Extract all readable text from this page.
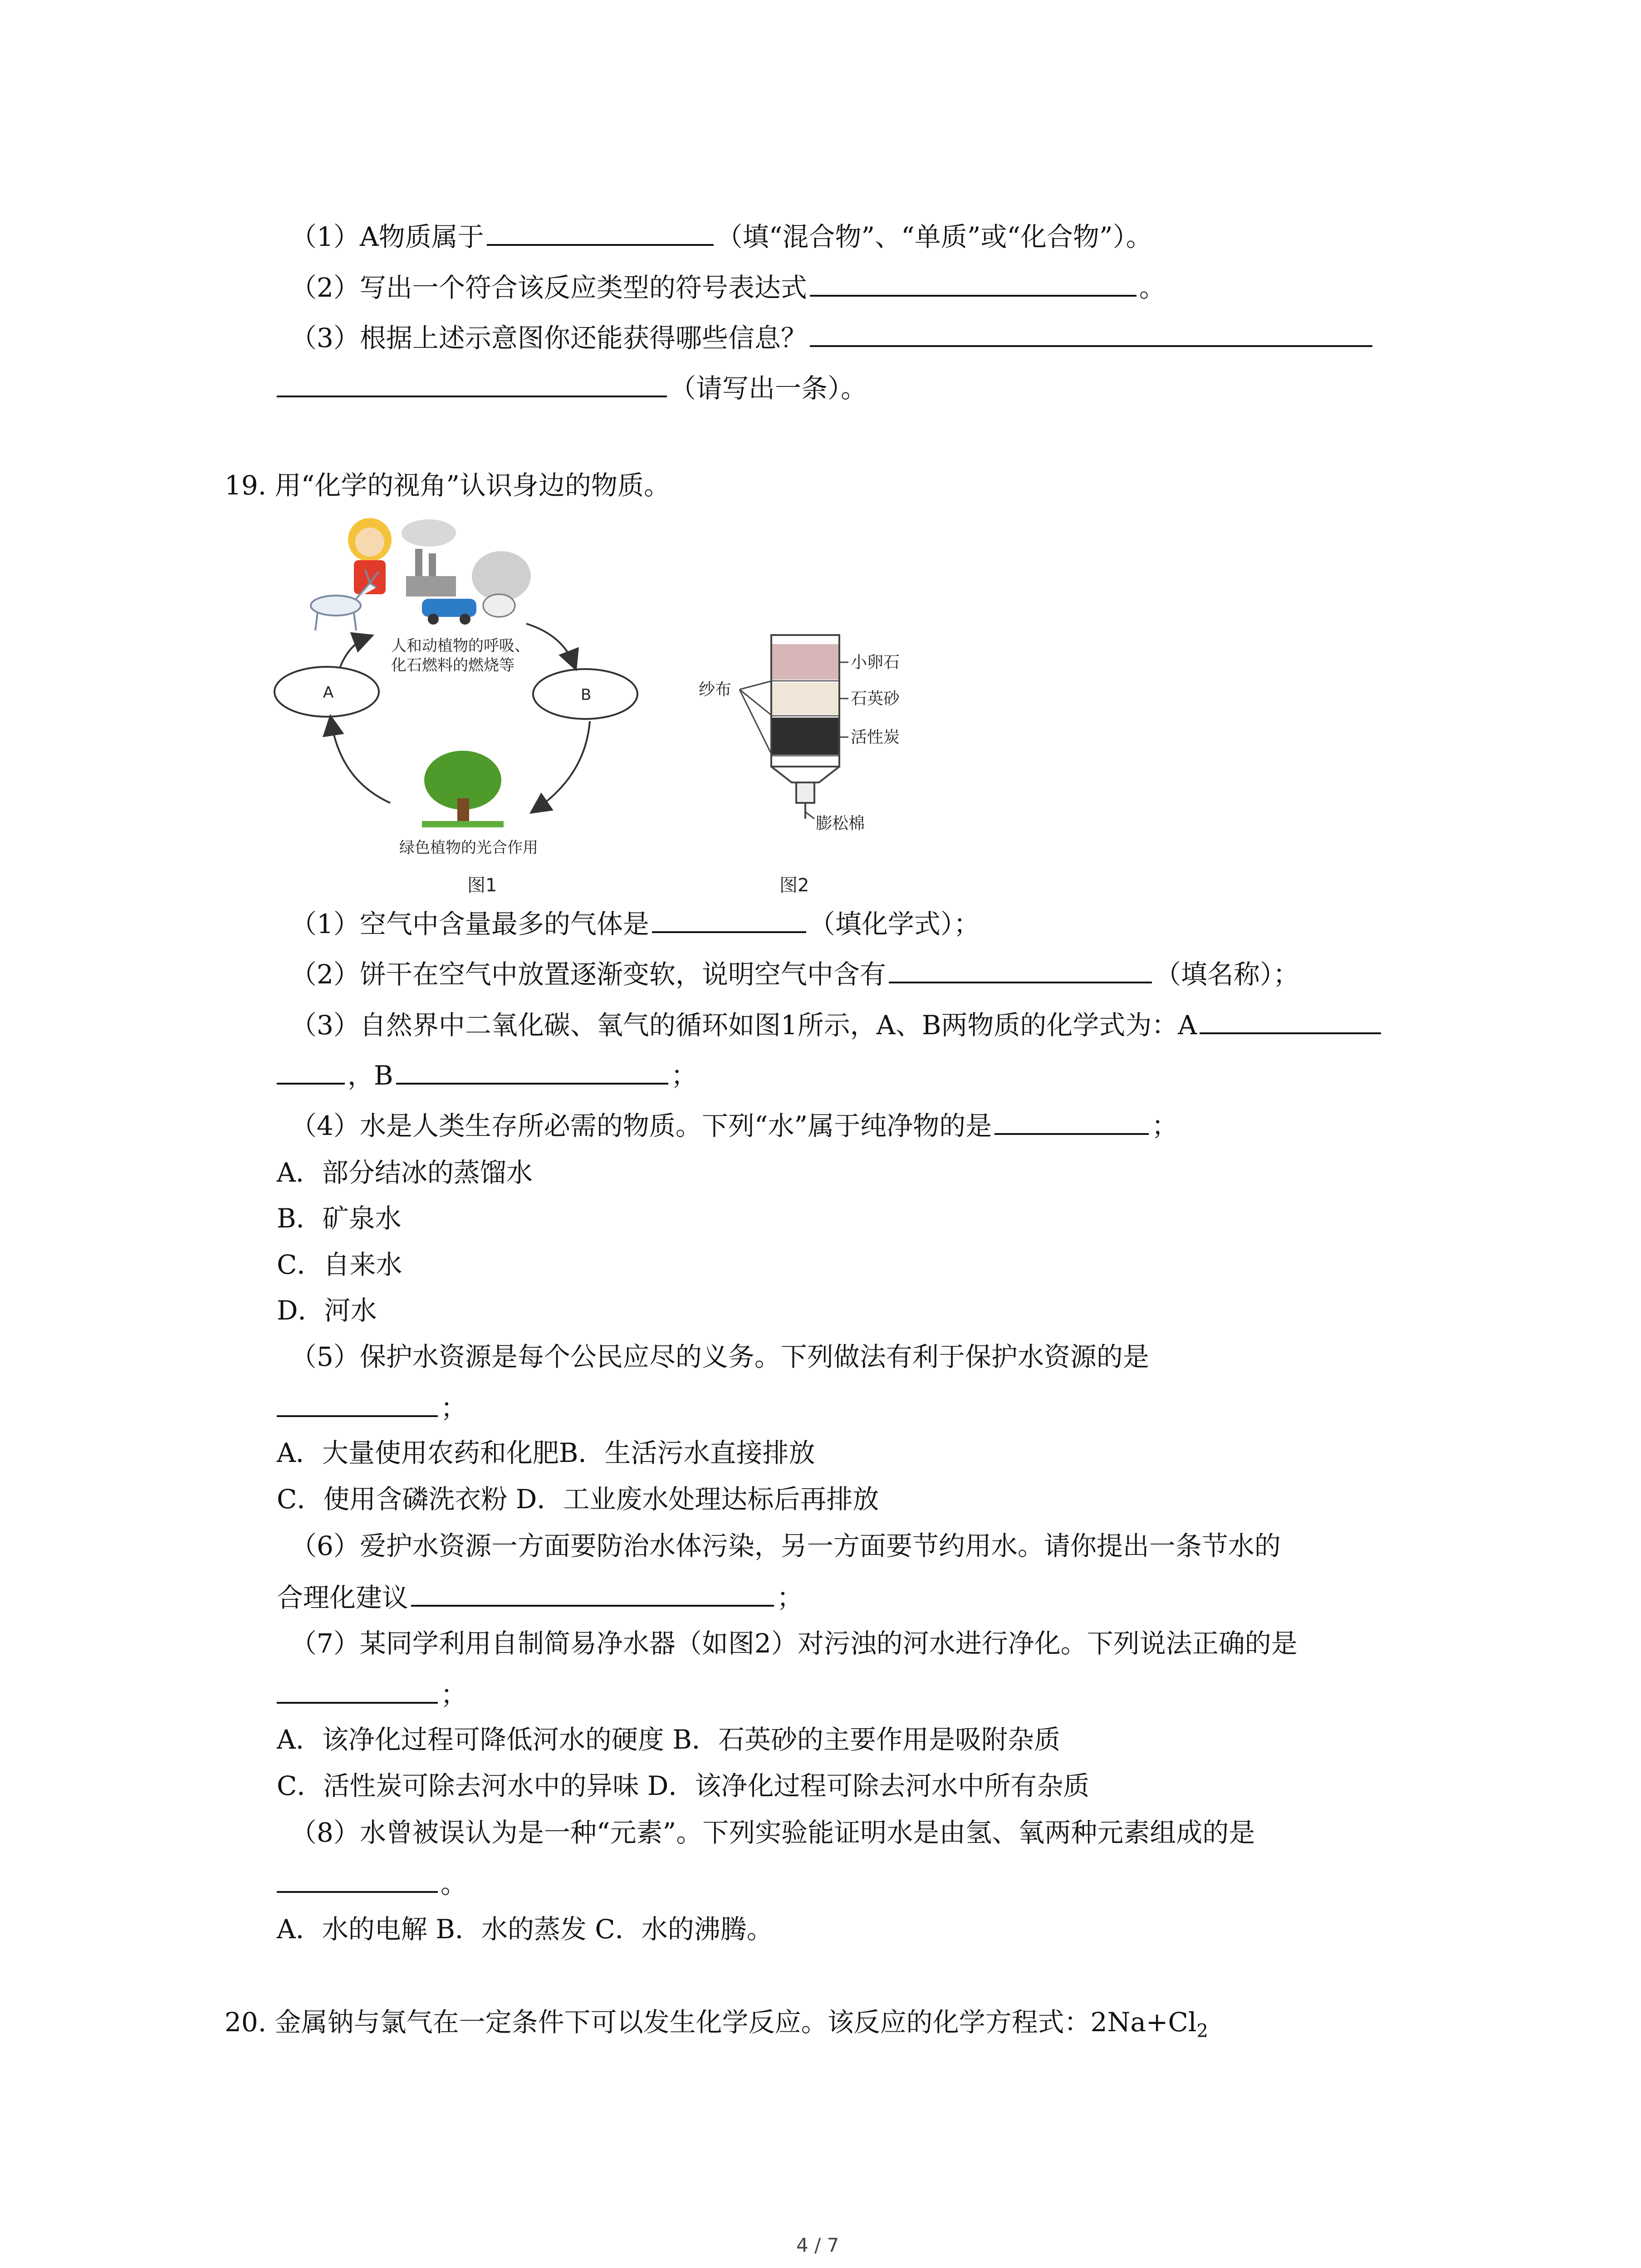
（1）A物质属于	（填“混合物”、“单质”或“化合物”）。
（2）写出一个符合该反应类型的符号表达式	。
（3）根据上述示意图你还能获得哪些信息？
（请写出一条）。
19. 用“化学的视角”认识身边的物质。
人和动植物的呼吸、
化石燃料的燃烧等
A	B
绿色植物的光合作用
图1
纱布
小卵石
石英砂
活性炭
膨松棉
图2
（1）空气中含量最多的气体是	（填化学式）；
（2）饼干在空气中放置逐渐变软，说明空气中含有	（填名称）；
（3）自然界中二氧化碳、氧气的循环如图1所示，A、B两物质的化学式为：A
，B	；
（4）水是人类生存所必需的物质。下列“水”属于纯净物的是	；
A．部分结冰的蒸馏水
B．矿泉水
C．自来水
D．河水
（5）保护水资源是每个公民应尽的义务。下列做法有利于保护水资源的是
；
A．大量使用农药和化肥B．生活污水直接排放
C．使用含磷洗衣粉 D．工业废水处理达标后再排放
（6）爱护水资源一方面要防治水体污染，另一方面要节约用水。请你提出一条节水的
合理化建议	；
（7）某同学利用自制简易净水器（如图2）对污浊的河水进行净化。下列说法正确的是
；
A．该净化过程可降低河水的硬度 B．石英砂的主要作用是吸附杂质
C．活性炭可除去河水中的异味 D．该净化过程可除去河水中所有杂质
（8）水曾被误认为是一种“元素”。下列实验能证明水是由氢、氧两种元素组成的是
。
A．水的电解 B．水的蒸发 C．水的沸腾。
20. 金属钠与氯气在一定条件下可以发生化学反应。该反应的化学方程式：$2Na+Cl_2$
4 / 7
